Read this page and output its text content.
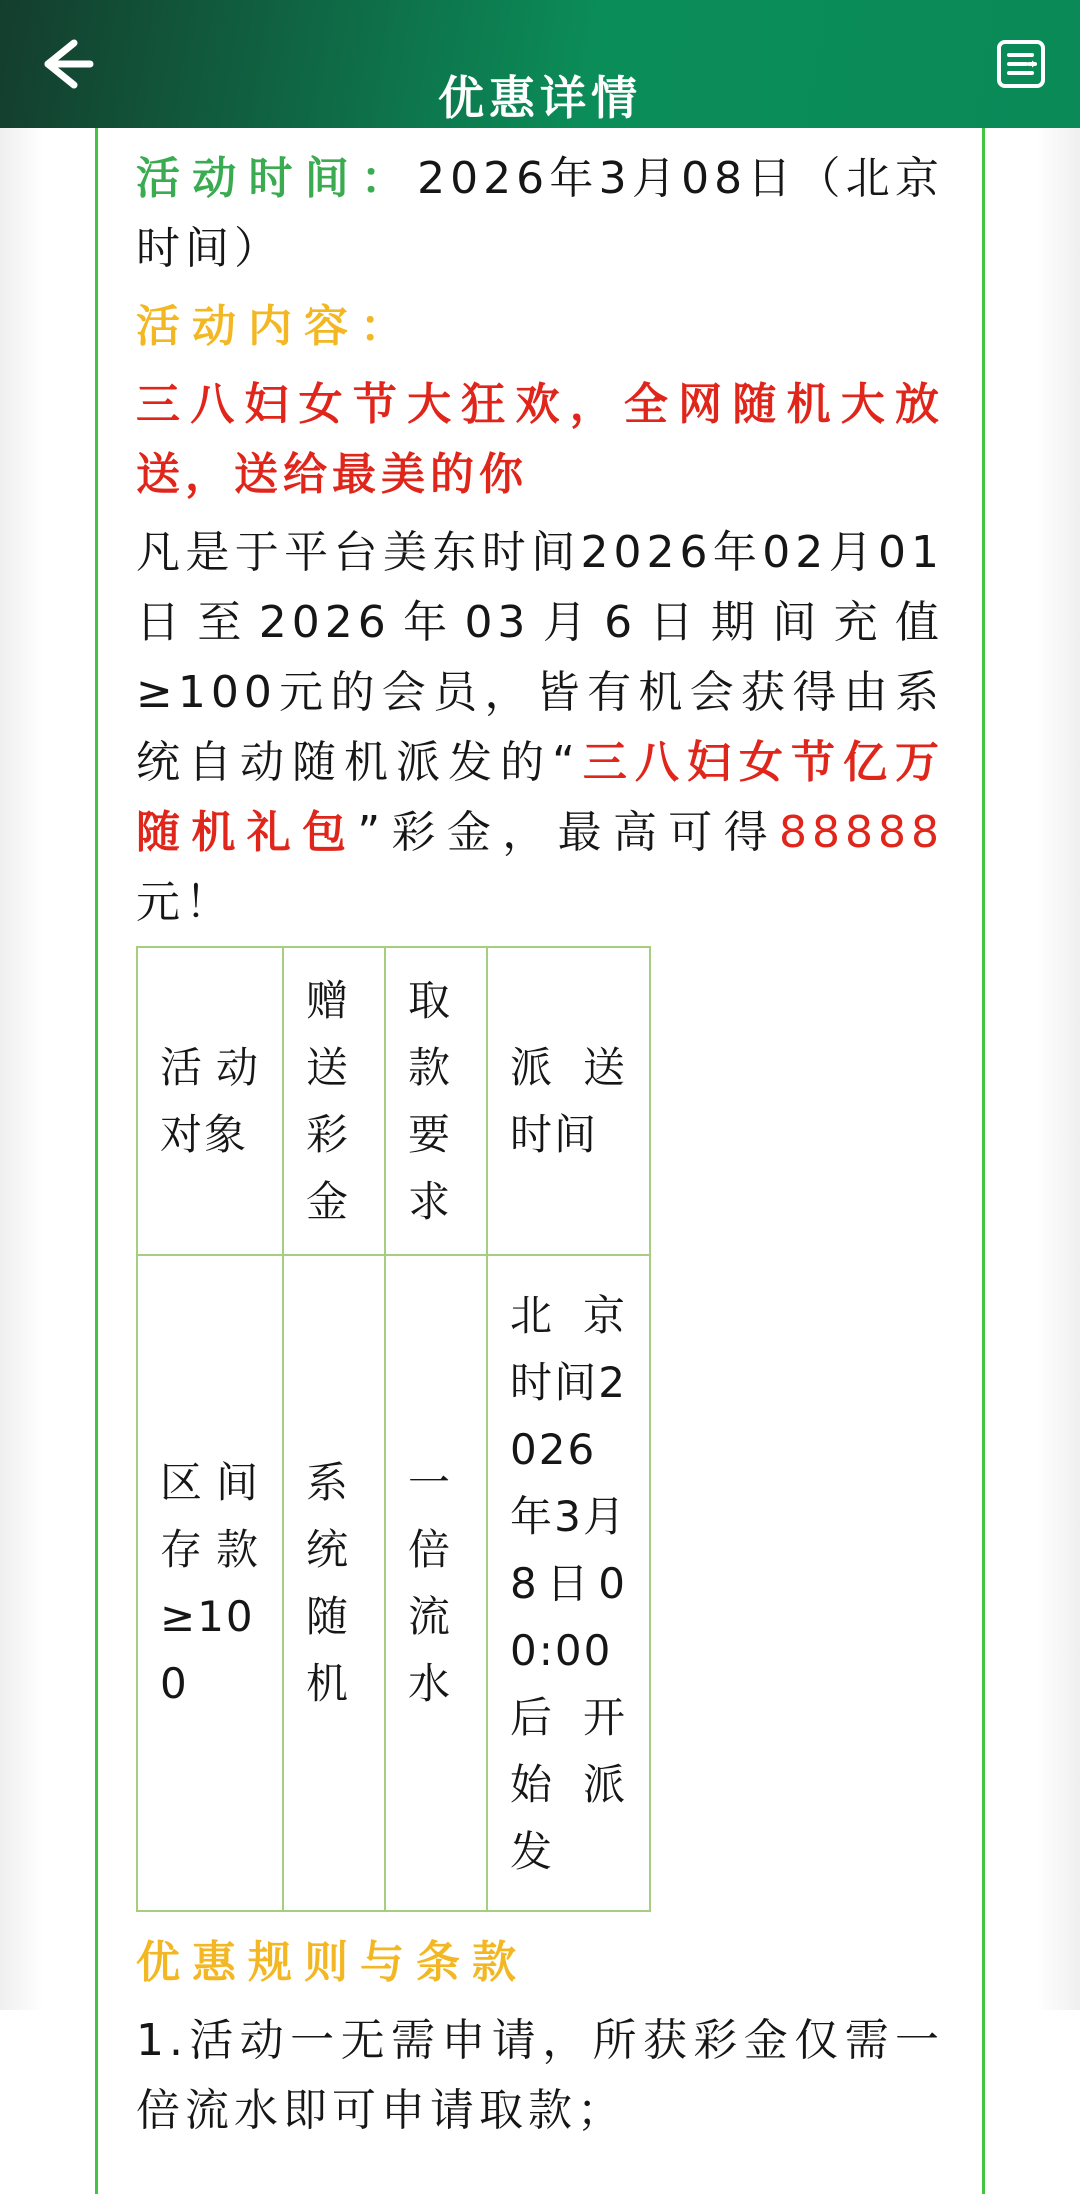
优惠详情

活动时间：2026年3月08日（北京时间）

活动内容：

三八妇女节大狂欢，全网随机大放送，送给最美的你

凡是于平台美东时间2026年02月01日至2026年03月6日期间充值≥100元的会员，皆有机会获得由系统自动随机派发的“三八妇女节亿万随机礼包”彩金，最高可得88888元！

活动对象	赠送彩金	取款要求	派送时间
区间存款≥100	系统随机	一倍流水	北京时间2026年3月8日00:00后开始派发

优惠规则与条款

1.活动一无需申请，所获彩金仅需一倍流水即可申请取款；
